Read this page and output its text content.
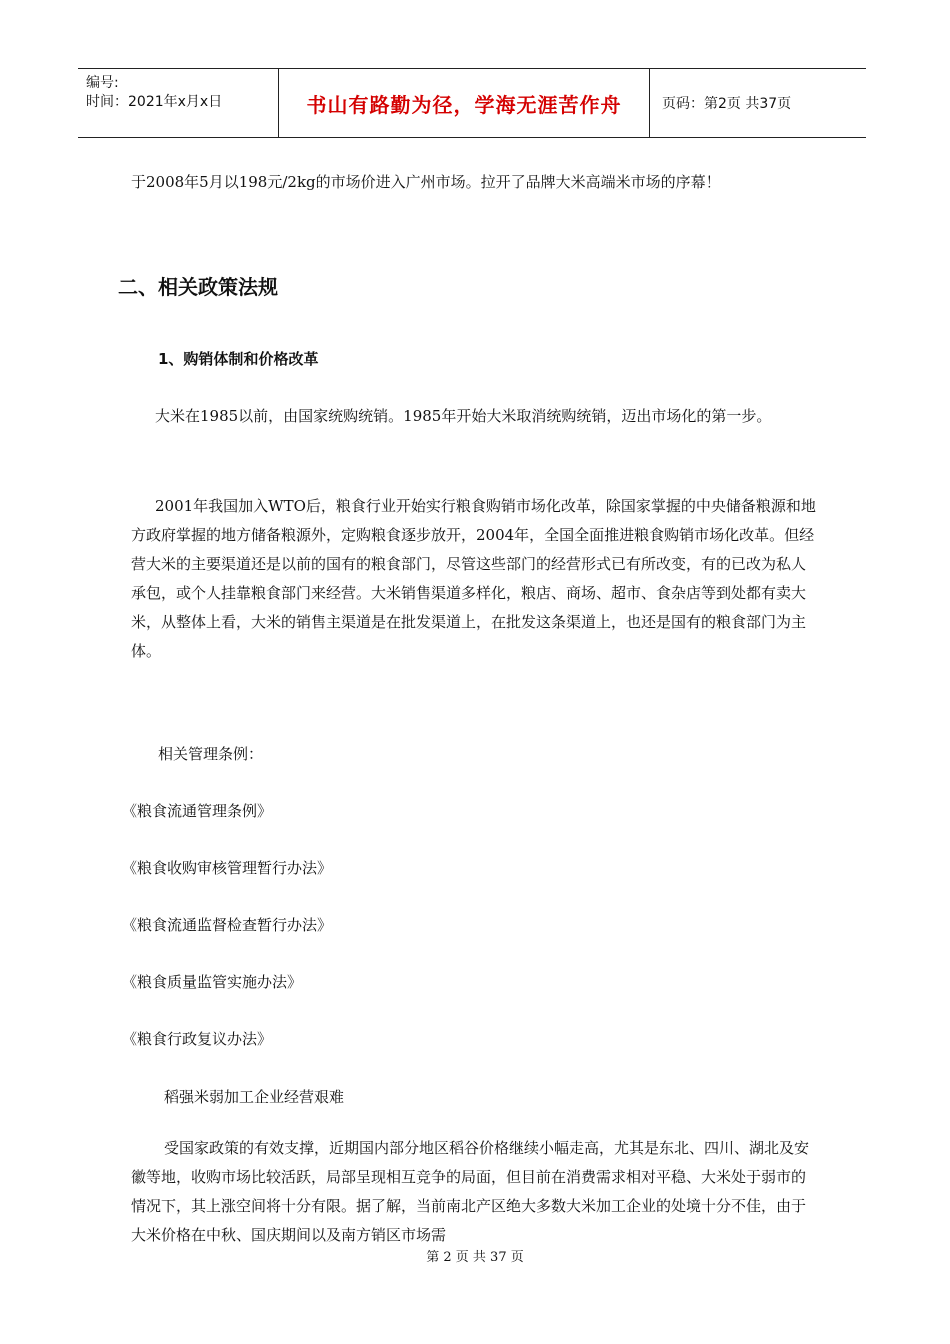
编号:
时间：2021年x月x日	书山有路勤为径，学海无涯苦作舟	页码：第2页 共37页
于2008年5月以198元/2kg的市场价进入广州市场。拉开了品牌大米高端米市场的序幕！
二、相关政策法规
1、购销体制和价格改革
大米在1985以前，由国家统购统销。1985年开始大米取消统购统销，迈出市场化的第一步。
2001年我国加入WTO后，粮食行业开始实行粮食购销市场化改革，除国家掌握的中央储备粮源和地方政府掌握的地方储备粮源外，定购粮食逐步放开，2004年，全国全面推进粮食购销市场化改革。但经营大米的主要渠道还是以前的国有的粮食部门，尽管这些部门的经营形式已有所改变，有的已改为私人承包，或个人挂靠粮食部门来经营。大米销售渠道多样化，粮店、商场、超市、食杂店等到处都有卖大米，从整体上看，大米的销售主渠道是在批发渠道上，在批发这条渠道上，也还是国有的粮食部门为主体。
相关管理条例：
《粮食流通管理条例》
《粮食收购审核管理暂行办法》
《粮食流通监督检查暂行办法》
《粮食质量监管实施办法》
《粮食行政复议办法》
稻强米弱加工企业经营艰难
受国家政策的有效支撑，近期国内部分地区稻谷价格继续小幅走高，尤其是东北、四川、湖北及安徽等地，收购市场比较活跃，局部呈现相互竞争的局面，但目前在消费需求相对平稳、大米处于弱市的情况下，其上涨空间将十分有限。据了解，当前南北产区绝大多数大米加工企业的处境十分不佳，由于大米价格在中秋、国庆期间以及南方销区市场需
第 2 页 共 37 页
